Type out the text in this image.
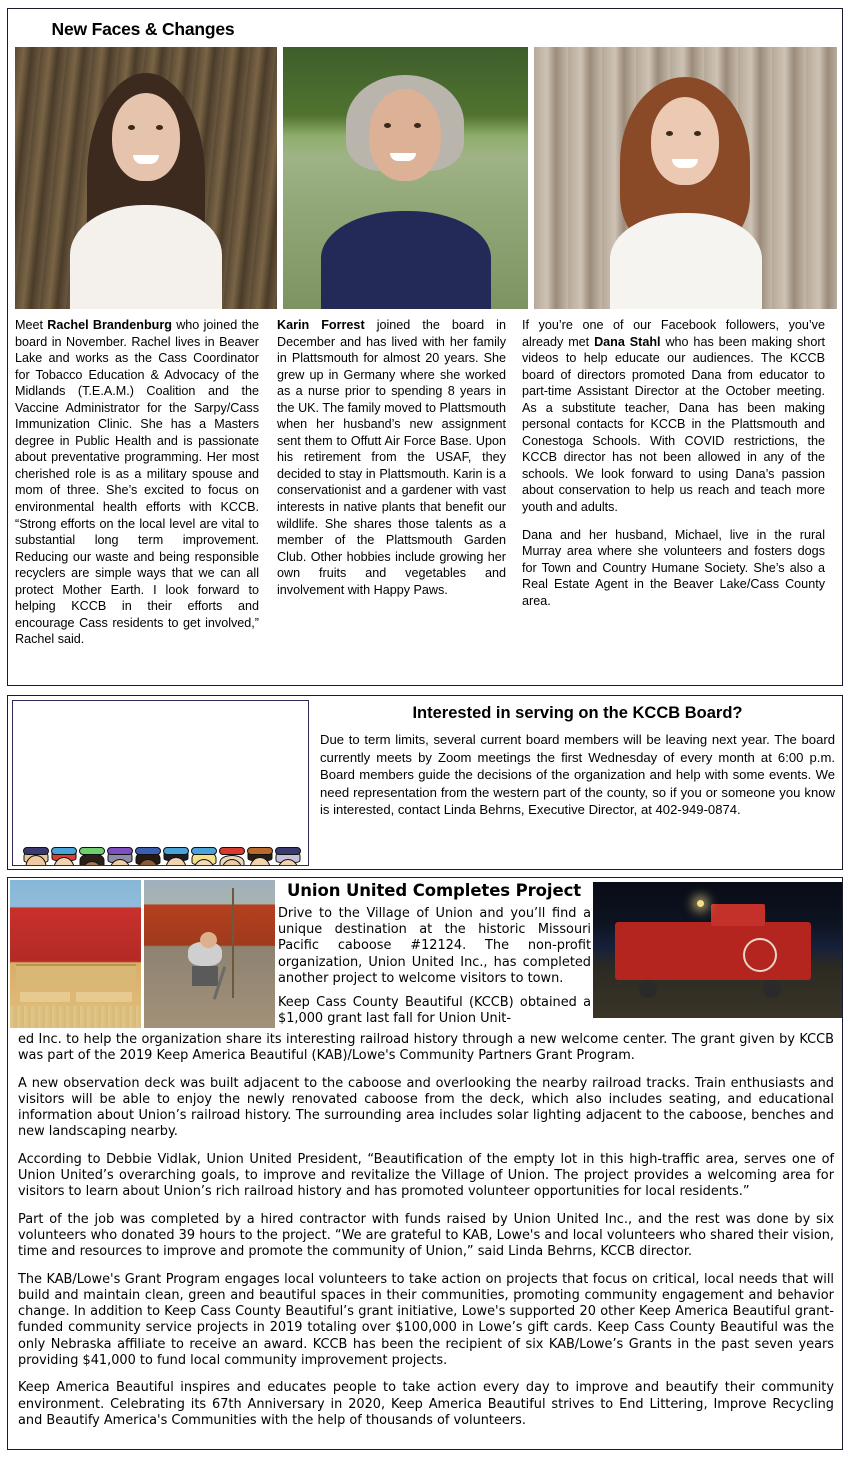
New Faces & Changes

Meet Rachel Brandenburg who joined the board in November. Rachel lives in Beaver Lake and works as the Cass Coordinator for Tobacco Education & Advocacy of the Midlands (T.E.A.M.) Coalition and the Vaccine Administrator for the Sarpy/Cass Immunization Clinic. She has a Masters degree in Public Health and is passionate about preventative programming. Her most cherished role is as a military spouse and mom of three. She’s excited to focus on environmental health efforts with KCCB. “Strong efforts on the local level are vital to substantial long term improvement. Reducing our waste and being responsible recyclers are simple ways that we can all protect Mother Earth. I look forward to helping KCCB in their efforts and encourage Cass residents to get involved,” Rachel said.

Karin Forrest joined the board in December and has lived with her family in Plattsmouth for almost 20 years. She grew up in Germany where she worked as a nurse prior to spending 8 years in the UK. The family moved to Plattsmouth when her husband’s new assignment sent them to Offutt Air Force Base. Upon his retirement from the USAF, they decided to stay in Plattsmouth. Karin is a conservationist and a gardener with vast interests in native plants that benefit our wildlife. She shares those talents as a member of the Plattsmouth Garden Club. Other hobbies include growing her own fruits and vegetables and involvement with Happy Paws.

If you’re one of our Facebook followers, you’ve already met Dana Stahl who has been making short videos to help educate our audiences. The KCCB board of directors promoted Dana from educator to part-time Assistant Director at the October meeting. As a substitute teacher, Dana has been making personal contacts for KCCB in the Plattsmouth and Conestoga Schools. With COVID restrictions, the KCCB director has not been allowed in any of the schools. We look forward to using Dana’s passion about conservation to help us reach and teach more youth and adults.

Dana and her husband, Michael, live in the rural Murray area where she volunteers and fosters dogs for Town and Country Humane Society. She’s also a Real Estate Agent in the Beaver Lake/Cass County area.

Interested in serving on the KCCB Board?
Due to term limits, several current board members will be leaving next year. The board currently meets by Zoom meetings the first Wednesday of every month at 6:00 p.m. Board members guide the decisions of the organization and help with some events. We need representation from the western part of the county, so if you or someone you know is interested, contact Linda Behrns, Executive Director, at 402-949-0874.
Union United Completes Project

Drive to the Village of Union and you’ll find a unique destination at the historic Missouri Pacific caboose #12124. The non-profit organization, Union United Inc., has completed another project to welcome visitors to town.

Keep Cass County Beautiful (KCCB) obtained a $1,000 grant last fall for Union Unit-

ed Inc. to help the organization share its interesting railroad history through a new welcome center. The grant given by KCCB was part of the 2019 Keep America Beautiful (KAB)/Lowe's Community Partners Grant Program.

A new observation deck was built adjacent to the caboose and overlooking the nearby railroad tracks. Train enthusiasts and visitors will be able to enjoy the newly renovated caboose from the deck, which also includes seating, and educational information about Union’s railroad history. The surrounding area includes solar lighting adjacent to the caboose, benches and new landscaping nearby.

According to Debbie Vidlak, Union United President, “Beautification of the empty lot in this high-traffic area, serves one of Union United’s overarching goals, to improve and revitalize the Village of Union. The project provides a welcoming area for visitors to learn about Union’s rich railroad history and has promoted volunteer opportunities for local residents.”

Part of the job was completed by a hired contractor with funds raised by Union United Inc., and the rest was done by six volunteers who donated 39 hours to the project. “We are grateful to KAB, Lowe's and local volunteers who shared their vision, time and resources to improve and promote the community of Union,” said Linda Behrns, KCCB director.

The KAB/Lowe's Grant Program engages local volunteers to take action on projects that focus on critical, local needs that will build and maintain clean, green and beautiful spaces in their communities, promoting community engagement and behavior change. In addition to Keep Cass County Beautiful’s grant initiative, Lowe's supported 20 other Keep America Beautiful grant-funded community service projects in 2019 totaling over $100,000 in Lowe’s gift cards. Keep Cass County Beautiful was the only Nebraska affiliate to receive an award. KCCB has been the recipient of six KAB/Lowe’s Grants in the past seven years providing $41,000 to fund local community improvement projects.

Keep America Beautiful inspires and educates people to take action every day to improve and beautify their community environment. Celebrating its 67th Anniversary in 2020, Keep America Beautiful strives to End Littering, Improve Recycling and Beautify America's Communities with the help of thousands of volunteers.
